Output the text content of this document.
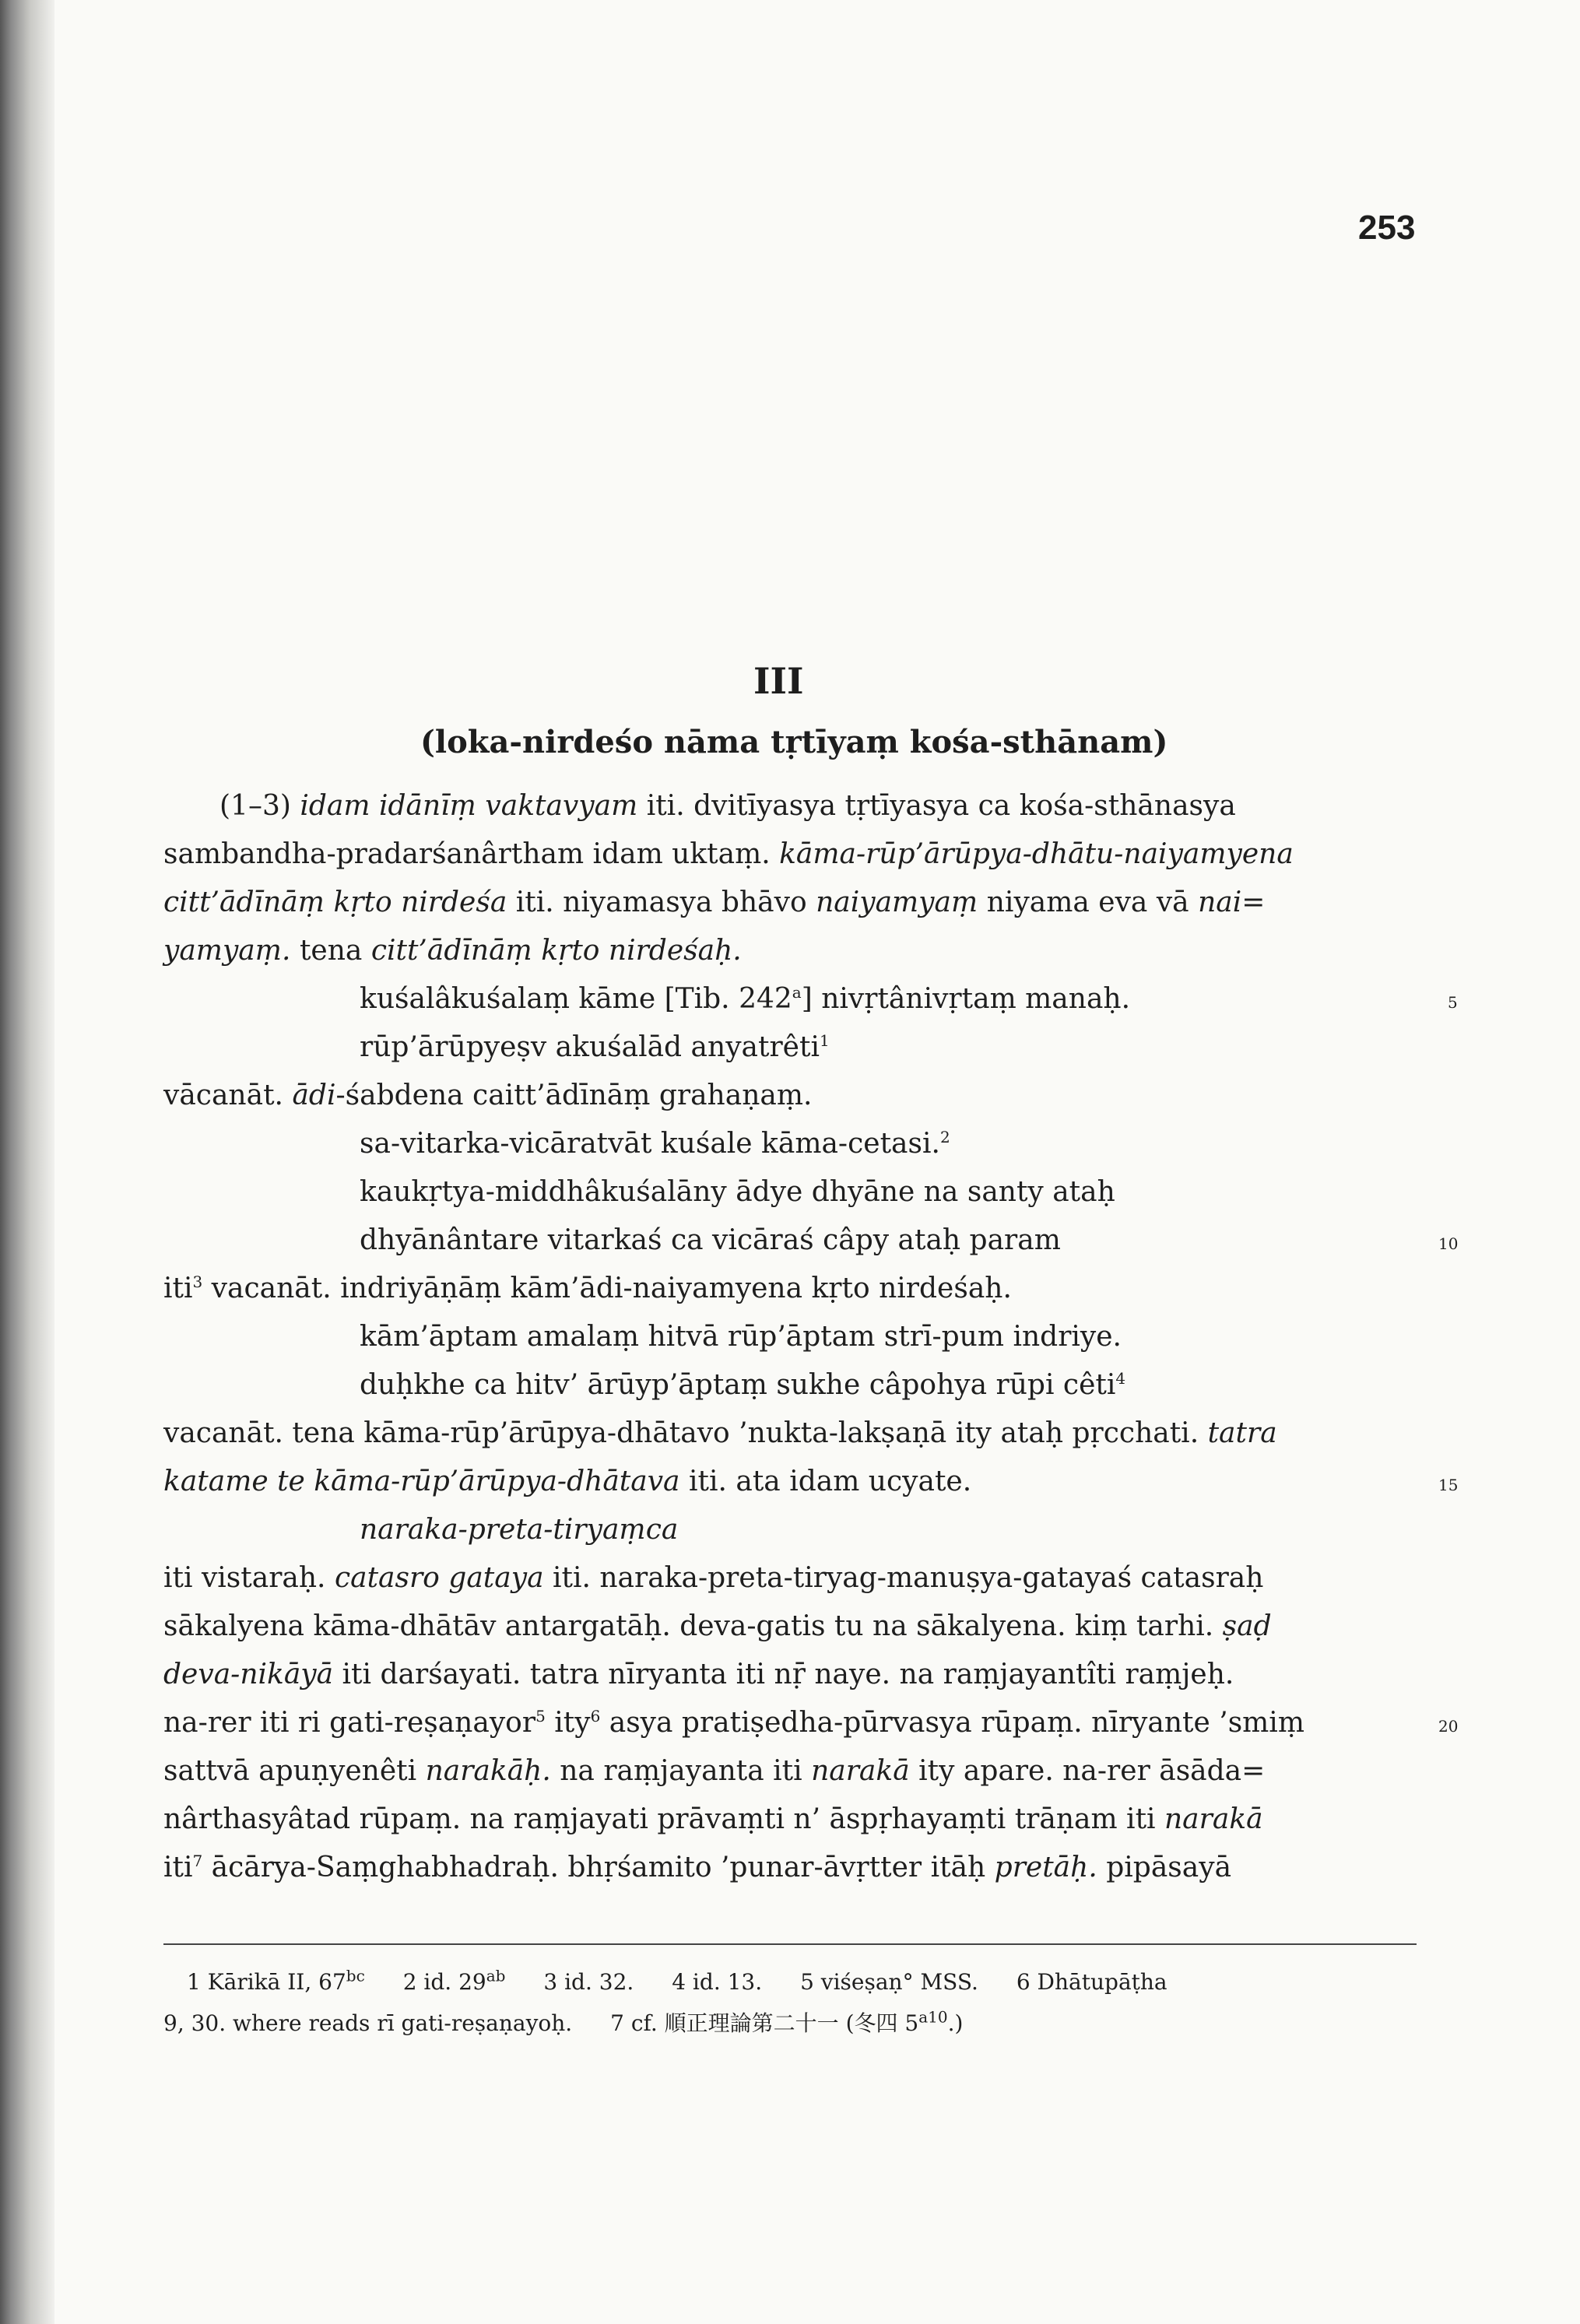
253
III
(loka-nirdeśo nāma tṛtīyaṃ kośa-sthānam)
(1–3) idam idānīṃ vaktavyam iti. dvitīyasya tṛtīyasya ca kośa-sthānasya
sambandha-pradarśanârtham idam uktaṃ. kāma-rūp’ārūpya-dhātu-naiyamyena
citt’ādīnāṃ kṛto nirdeśa iti. niyamasya bhāvo naiyamyaṃ niyama eva vā nai=
yamyaṃ. tena citt’ādīnāṃ kṛto nirdeśaḥ.
kuśalâkuśalaṃ kāme [Tib. 242$^a$] nivṛtânivṛtaṃ manaḥ.	5
rūp’ārūpyeṣv akuśalād anyatrêti$^1$
vācanāt. ādi-śabdena caitt’ādīnāṃ grahaṇaṃ.
sa-vitarka-vicāratvāt kuśale kāma-cetasi.$^2$
kaukṛtya-middhâkuśalāny ādye dhyāne na santy ataḥ
dhyānântare vitarkaś ca vicāraś câpy ataḥ param	10
iti$^3$ vacanāt. indriyāṇāṃ kām’ādi-naiyamyena kṛto nirdeśaḥ.
kām’āptam amalaṃ hitvā rūp’āptam strī-pum indriye.
duḥkhe ca hitv’ ārūyp’āptaṃ sukhe câpohya rūpi cêti$^4$
vacanāt. tena kāma-rūp’ārūpya-dhātavo ’nukta-lakṣaṇā ity ataḥ pṛcchati. tatra
katame te kāma-rūp’ārūpya-dhātava iti. ata idam ucyate.	15
naraka-preta-tiryaṃca
iti vistaraḥ. catasro gataya iti. naraka-preta-tiryag-manuṣya-gatayaś catasraḥ
sākalyena kāma-dhātāv antargatāḥ. deva-gatis tu na sākalyena. kiṃ tarhi. ṣaḍ
deva-nikāyā iti darśayati. tatra nīryanta iti nṝ naye. na raṃjayantîti raṃjeḥ.
na-rer iti ri gati-reṣaṇayor$^5$ ity$^6$ asya pratiṣedha-pūrvasya rūpaṃ. nīryante ’smiṃ	20
sattvā apuṇyenêti narakāḥ. na raṃjayanta iti narakā ity apare. na-rer āsāda=
nârthasyâtad rūpaṃ. na raṃjayati prāvaṃti n’ āspṛhayaṃti trāṇam iti narakā
iti$^7$ ācārya-Saṃghabhadraḥ. bhṛśamito ’punar-āvṛtter itāḥ pretāḥ. pipāsayā
1 Kārikā II, $67^{bc}$ 2 id. $29^{ab}$ 3 id. 32. 4 id. 13. 5 viśeṣaṇ° MSS. 6 Dhātupāṭha
9, 30. where reads rī gati-reṣaṇayoḥ. 7 cf. 順正理論第二十一 (冬四 $5^{a10}$.)
